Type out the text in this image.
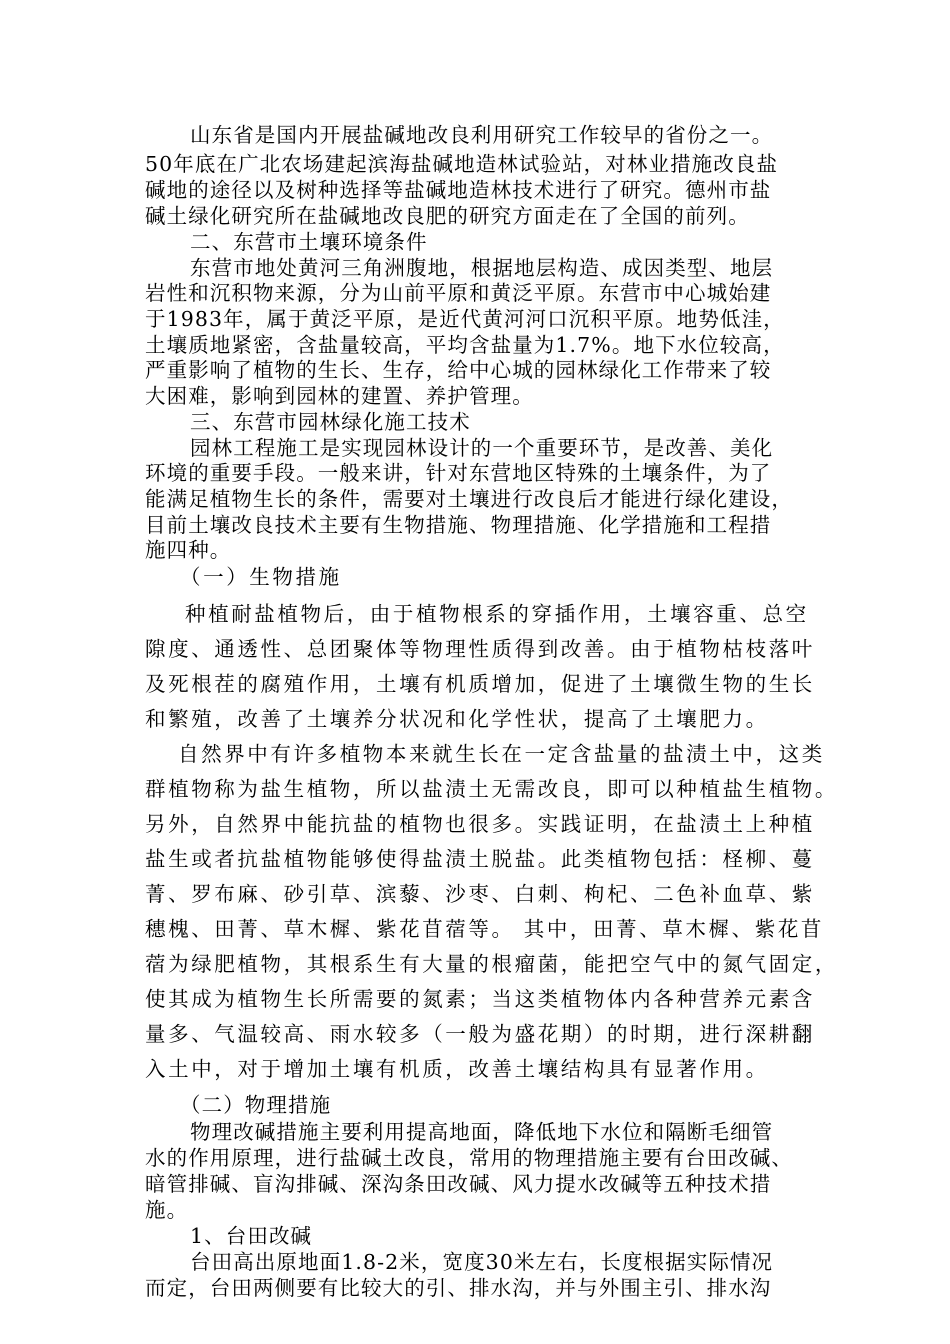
山东省是国内开展盐碱地改良利用研究工作较早的省份之一。
50年底在广北农场建起滨海盐碱地造林试验站，对林业措施改良盐
碱地的途径以及树种选择等盐碱地造林技术进行了研究。德州市盐
碱土绿化研究所在盐碱地改良肥的研究方面走在了全国的前列。
二、东营市土壤环境条件
东营市地处黄河三角洲腹地，根据地层构造、成因类型、地层
岩性和沉积物来源，分为山前平原和黄泛平原。东营市中心城始建
于1983年，属于黄泛平原，是近代黄河河口沉积平原。地势低洼，
土壤质地紧密，含盐量较高，平均含盐量为1.7%。地下水位较高，
严重影响了植物的生长、生存，给中心城的园林绿化工作带来了较
大困难，影响到园林的建置、养护管理。
三、东营市园林绿化施工技术
园林工程施工是实现园林设计的一个重要环节，是改善、美化
环境的重要手段。一般来讲，针对东营地区特殊的土壤条件，为了
能满足植物生长的条件，需要对土壤进行改良后才能进行绿化建设，
目前土壤改良技术主要有生物措施、物理措施、化学措施和工程措
施四种。
（一）生物措施
种植耐盐植物后，由于植物根系的穿插作用，土壤容重、总空
隙度、通透性、总团聚体等物理性质得到改善。由于植物枯枝落叶
及死根茬的腐殖作用，土壤有机质增加，促进了土壤微生物的生长
和繁殖，改善了土壤养分状况和化学性状，提高了土壤肥力。
自然界中有许多植物本来就生长在一定含盐量的盐渍土中，这类
群植物称为盐生植物，所以盐渍土无需改良，即可以种植盐生植物。
另外，自然界中能抗盐的植物也很多。实践证明，在盐渍土上种植
盐生或者抗盐植物能够使得盐渍土脱盐。此类植物包括：柽柳、蔓
菁、罗布麻、砂引草、滨藜、沙枣、白刺、枸杞、二色补血草、紫
穗槐、田菁、草木樨、紫花苜蓿等。 其中，田菁、草木樨、紫花苜
蓿为绿肥植物，其根系生有大量的根瘤菌，能把空气中的氮气固定，
使其成为植物生长所需要的氮素；当这类植物体内各种营养元素含
量多、气温较高、雨水较多（一般为盛花期）的时期，进行深耕翻
入土中，对于增加土壤有机质，改善土壤结构具有显著作用。
（二）物理措施
物理改碱措施主要利用提高地面，降低地下水位和隔断毛细管
水的作用原理，进行盐碱土改良，常用的物理措施主要有台田改碱、
暗管排碱、盲沟排碱、深沟条田改碱、风力提水改碱等五种技术措
施。
1、台田改碱
台田高出原地面1.8-2米，宽度30米左右，长度根据实际情况
而定，台田两侧要有比较大的引、排水沟，并与外围主引、排水沟
